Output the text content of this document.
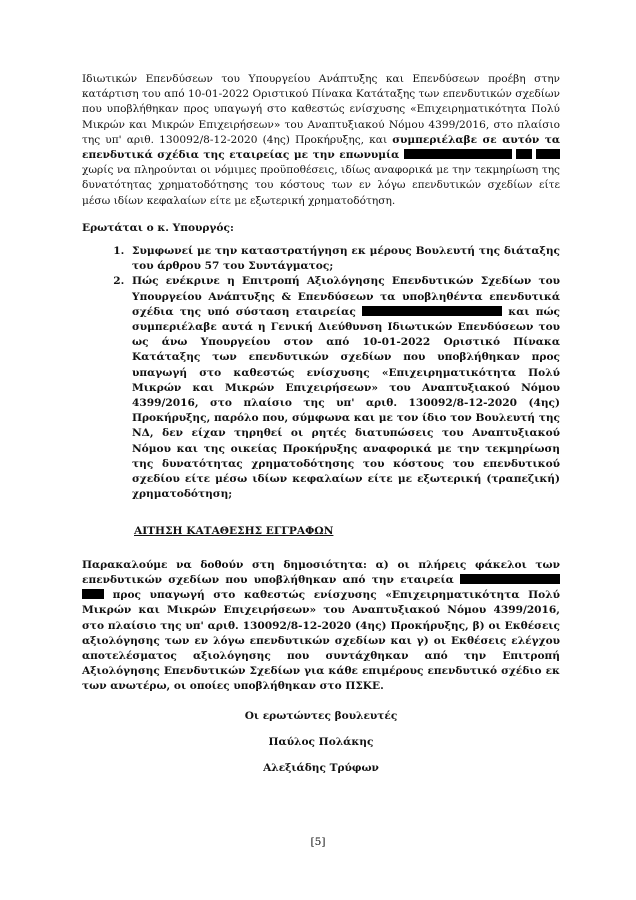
Ιδιωτικών Επενδύσεων του Υπουργείου Ανάπτυξης και Επενδύσεων προέβη στην κατάρτιση του από 10-01-2022 Οριστικού Πίνακα Κατάταξης των επενδυτικών σχεδίων που υποβλήθηκαν προς υπαγωγή στο καθεστώς ενίσχυσης «Επιχειρηματικότητα Πολύ Μικρών και Μικρών Επιχειρήσεων» του Αναπτυξιακού Νόμου 4399/2016, στο πλαίσιο της υπ' αριθ. 130092/8-12-2020 (4ης) Προκήρυξης, και συμπεριέλαβε σε αυτόν τα επενδυτικά σχέδια της εταιρείας με την επωνυμία    χωρίς να πληρούνται οι νόμιμες προϋποθέσεις, ιδίως αναφορικά με την τεκμηρίωση της δυνατότητας χρηματοδότησης του κόστους των εν λόγω επενδυτικών σχεδίων είτε μέσω ιδίων κεφαλαίων είτε με εξωτερική χρηματοδότηση.

Ερωτάται ο κ. Υπουργός:

1. Συμφωνεί με την καταστρατήγηση εκ μέρους Βουλευτή της διάταξης του άρθρου 57 του Συντάγματος;
2. Πώς ενέκρινε η Επιτροπή Αξιολόγησης Επενδυτικών Σχεδίων του Υπουργείου Ανάπτυξης & Επενδύσεων τα υποβληθέντα επενδυτικά σχέδια της υπό σύσταση εταιρείας	και πώς συμπεριέλαβε αυτά η Γενική Διεύθυνση Ιδιωτικών Επενδύσεων του ως άνω Υπουργείου στον από 10-01-2022 Οριστικό Πίνακα Κατάταξης των επενδυτικών σχεδίων που υποβλήθηκαν προς υπαγωγή στο καθεστώς ενίσχυσης «Επιχειρηματικότητα Πολύ Μικρών και Μικρών Επιχειρήσεων» του Αναπτυξιακού Νόμου 4399/2016, στο πλαίσιο της υπ' αριθ. 130092/8-12-2020 (4ης) Προκήρυξης, παρόλο που, σύμφωνα και με τον ίδιο τον Βουλευτή της ΝΔ, δεν είχαν τηρηθεί οι ρητές διατυπώσεις του Αναπτυξιακού Νόμου και της οικείας Προκήρυξης αναφορικά με την τεκμηρίωση της δυνατότητας χρηματοδότησης του κόστους του επενδυτικού σχεδίου είτε μέσω ιδίων κεφαλαίων είτε με εξωτερική (τραπεζική) χρηματοδότηση;

ΑΙΤΗΣΗ ΚΑΤΑΘΕΣΗΣ ΕΓΓΡΑΦΩΝ

Παρακαλούμε να δοθούν στη δημοσιότητα: α) οι πλήρεις φάκελοι των επενδυτικών σχεδίων που υποβλήθηκαν από την εταιρεία   προς υπαγωγή στο καθεστώς ενίσχυσης «Επιχειρηματικότητα Πολύ Μικρών και Μικρών Επιχειρήσεων» του Αναπτυξιακού Νόμου 4399/2016, στο πλαίσιο της υπ' αριθ. 130092/8-12-2020 (4ης) Προκήρυξης, β) οι Εκθέσεις αξιολόγησης των εν λόγω επενδυτικών σχεδίων και γ) οι Εκθέσεις ελέγχου αποτελέσματος αξιολόγησης που συντάχθηκαν από την Επιτροπή Αξιολόγησης Επενδυτικών Σχεδίων για κάθε επιμέρους επενδυτικό σχέδιο εκ των ανωτέρω, οι οποίες υποβλήθηκαν στο ΠΣΚΕ.

Οι ερωτώντες βουλευτές

Παύλος Πολάκης

Αλεξιάδης Τρύφων

[5]
